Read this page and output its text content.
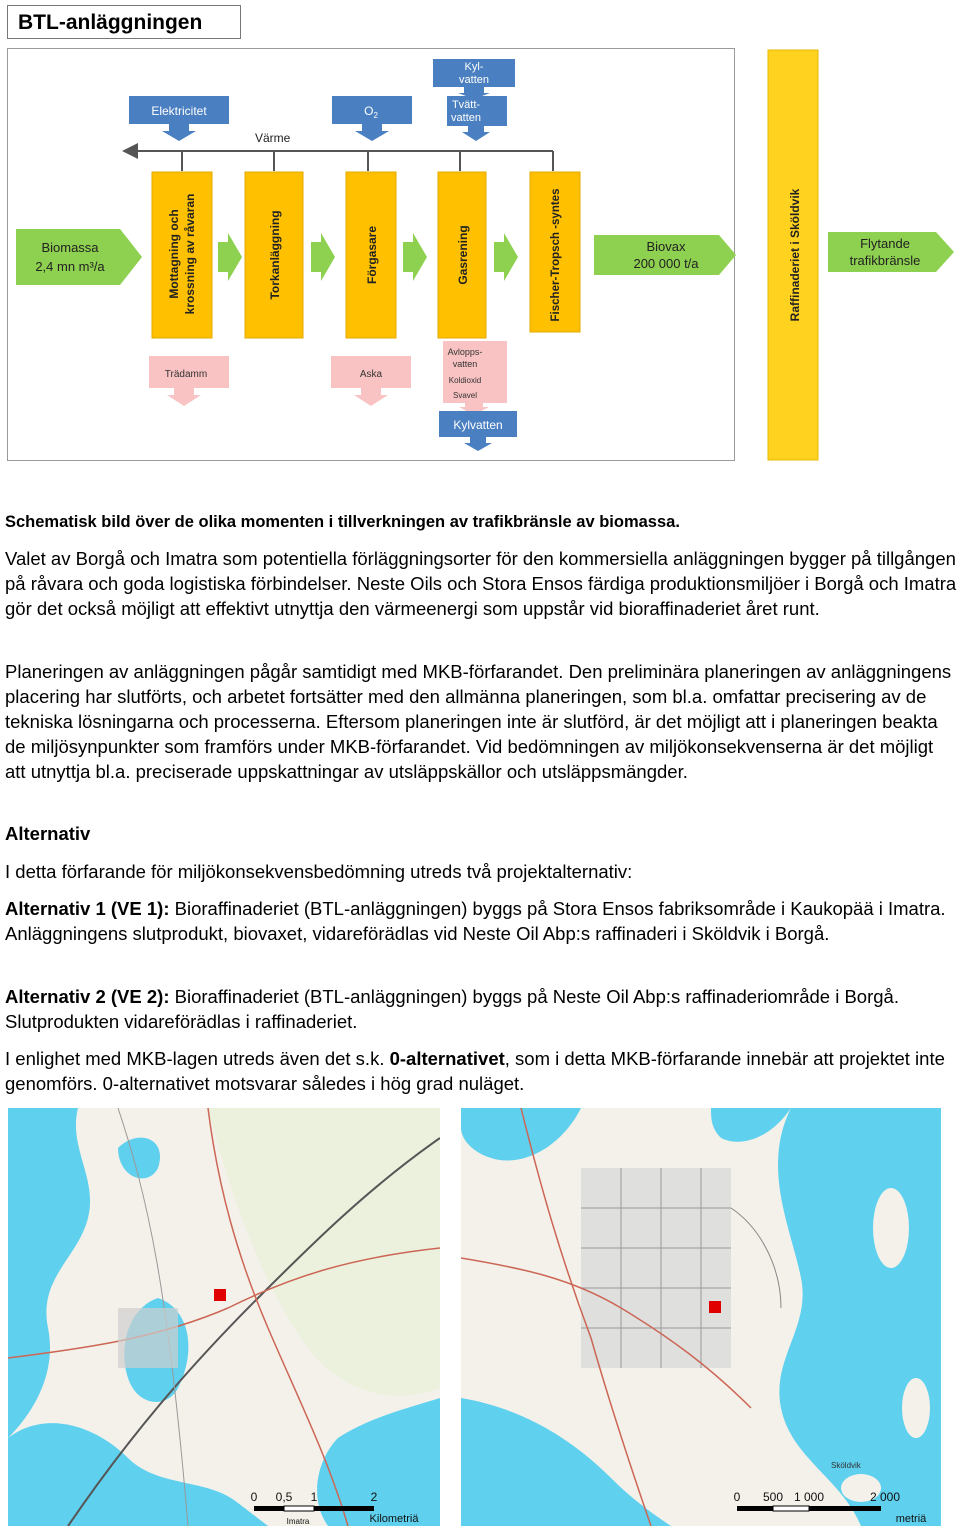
BTL-anläggningen
Elektricitet	$O_2$
Kyl-
vatten
Tvätt-
vatten
Värme
Biomassa
2,4 mn m³/a	Mottagning och krossning av råvaran	Torkanläggning	Förgasare	Gasrening	Fischer-Tropsch -syntes	Biovax
200 000 t/a
Trädamm	Aska
Avlopps-
vatten
Koldioxid
Svavel
Kylvatten
Raffinaderiet i Sköldvik	Flytande
trafikbränsle

Schematisk bild över de olika momenten i tillverkningen av trafikbränsle av biomassa.

Valet av Borgå och Imatra som potentiella förläggningsorter för den kommersiella anläggningen bygger på tillgången på råvara och goda logistiska förbindelser. Neste Oils och Stora Ensos färdiga produktionsmiljöer i Borgå och Imatra gör det också möjligt att effektivt utnyttja den värmeenergi som uppstår vid bioraffinaderiet året runt.

Planeringen av anläggningen pågår samtidigt med MKB-förfarandet. Den preliminära planeringen av anläggningens placering har slutförts, och arbetet fortsätter med den allmänna planeringen, som bl.a. omfattar precisering av de tekniska lösningarna och processerna. Eftersom planeringen inte är slutförd, är det möjligt att i planeringen beakta de miljösynpunkter som framförs under MKB-förfarandet. Vid bedömningen av miljökonsekvenserna är det möjligt att utnyttja bl.a. preciserade uppskattningar av utsläppskällor och utsläppsmängder.

Alternativ

I detta förfarande för miljökonsekvensbedömning utreds två projektalternativ:

Alternativ 1 (VE 1): Bioraffinaderiet (BTL-anläggningen) byggs på Stora Ensos fabriksområde i Kaukopää i Imatra. Anläggningens slutprodukt, biovaxet, vidareförädlas vid Neste Oil Abp:s raffinaderi i Sköldvik i Borgå.

Alternativ 2 (VE 2): Bioraffinaderiet (BTL-anläggningen) byggs på Neste Oil Abp:s raffinaderiområde i Borgå. Slutprodukten vidareförädlas i raffinaderiet.

I enlighet med MKB-lagen utreds även det s.k. 0-alternativet, som i detta MKB-förfarande innebär att projektet inte genomförs. 0-alternativet motsvarar således i hög grad nuläget.

0 0,5 1	2
Kilometriä
Imatra
Sköldvik
0 500 1 000	2 000
metriä
